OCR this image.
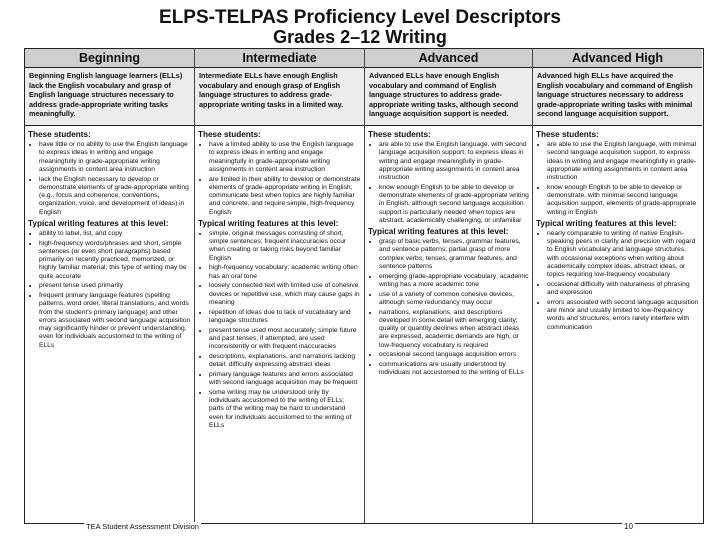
ELPS-TELPAS Proficiency Level Descriptors
Grades 2–12 Writing
Beginning
Beginning English language learners (ELLs) lack the English vocabulary and grasp of English language structures necessary to address grade-appropriate writing tasks meaningfully.
These students:
• have little or no ability to use the English language to express ideas in writing and engage meaningfully in grade-appropriate writing assignments in content area instruction
• lack the English necessary to develop or demonstrate elements of grade-appropriate writing (e.g., focus and coherence, conventions, organization, voice, and development of ideas) in English
Typical writing features at this level:
• ability to label, list, and copy
• high-frequency words/phrases and short, simple sentences (or even short paragraphs) based primarily on recently practiced, memorized, or highly familiar material; this type of writing may be quite accurate
• present tense used primarily
• frequent primary language features (spelling patterns, word order, literal translations, and words from the student's primary language) and other errors associated with second language acquisition may significantly hinder or prevent understanding, even for individuals accustomed to the writing of ELLs
Intermediate
Intermediate ELLs have enough English vocabulary and enough grasp of English language structures to address grade-appropriate writing tasks in a limited way.
These students:
• have a limited ability to use the English language to express ideas in writing and engage meaningfully in grade-appropriate writing assignments in content area instruction
• are limited in their ability to develop or demonstrate elements of grade-appropriate writing in English; communicate best when topics are highly familiar and concrete, and require simple, high-frequency English
Typical writing features at this level:
• simple, original messages consisting of short, simple sentences; frequent inaccuracies occur when creating or taking risks beyond familiar English
• high-frequency vocabulary; academic writing often has an oral tone
• loosely connected text with limited use of cohesive devices or repetitive use, which may cause gaps in meaning
• repetition of ideas due to lack of vocabulary and language structures
• present tense used most accurately; simple future and past tenses, if attempted, are used inconsistently or with frequent inaccuracies
• descriptions, explanations, and narrations lacking detail; difficulty expressing abstract ideas
• primary language features and errors associated with second language acquisition may be frequent
• some writing may be understood only by individuals accustomed to the writing of ELLs; parts of the writing may be hard to understand even for individuals accustomed to the writing of ELLs
Advanced
Advanced ELLs have enough English vocabulary and command of English language structures to address grade-appropriate writing tasks, although second language acquisition support is needed.
These students:
• are able to use the English language, with second language acquisition support, to express ideas in writing and engage meaningfully in grade-appropriate writing assignments in content area instruction
• know enough English to be able to develop or demonstrate elements of grade-appropriate writing in English, although second language acquisition support is particularly needed when topics are abstract, academically challenging, or unfamiliar
Typical writing features at this level:
• grasp of basic verbs, tenses, grammar features, and sentence patterns; partial grasp of more complex verbs, tenses, grammar features, and sentence patterns
• emerging grade-appropriate vocabulary; academic writing has a more academic tone
• use of a variety of common cohesive devices, although some redundancy may occur
• narrations, explanations, and descriptions developed in some detail with emerging clarity; quality or quantity declines when abstract ideas are expressed, academic demands are high, or low-frequency vocabulary is required
• occasional second language acquisition errors
• communications are usually understood by individuals not accustomed to the writing of ELLs
Advanced High
Advanced high ELLs have acquired the English vocabulary and command of English language structures necessary to address grade-appropriate writing tasks with minimal second language acquisition support.
These students:
• are able to use the English language, with minimal second language acquisition support, to express ideas in writing and engage meaningfully in grade-appropriate writing assignments in content area instruction
• know enough English to be able to develop or demonstrate, with minimal second language acquisition support, elements of grade-appropriate writing in English
Typical writing features at this level:
• nearly comparable to writing of native English-speaking peers in clarity and precision with regard to English vocabulary and language structures, with occasional exceptions when writing about academically complex ideas, abstract ideas, or topics requiring low-frequency vocabulary
• occasional difficulty with naturalness of phrasing and expression
• errors associated with second language acquisition are minor and usually limited to low-frequency words and structures; errors rarely interfere with communication
TEA Student Assessment Division	10
